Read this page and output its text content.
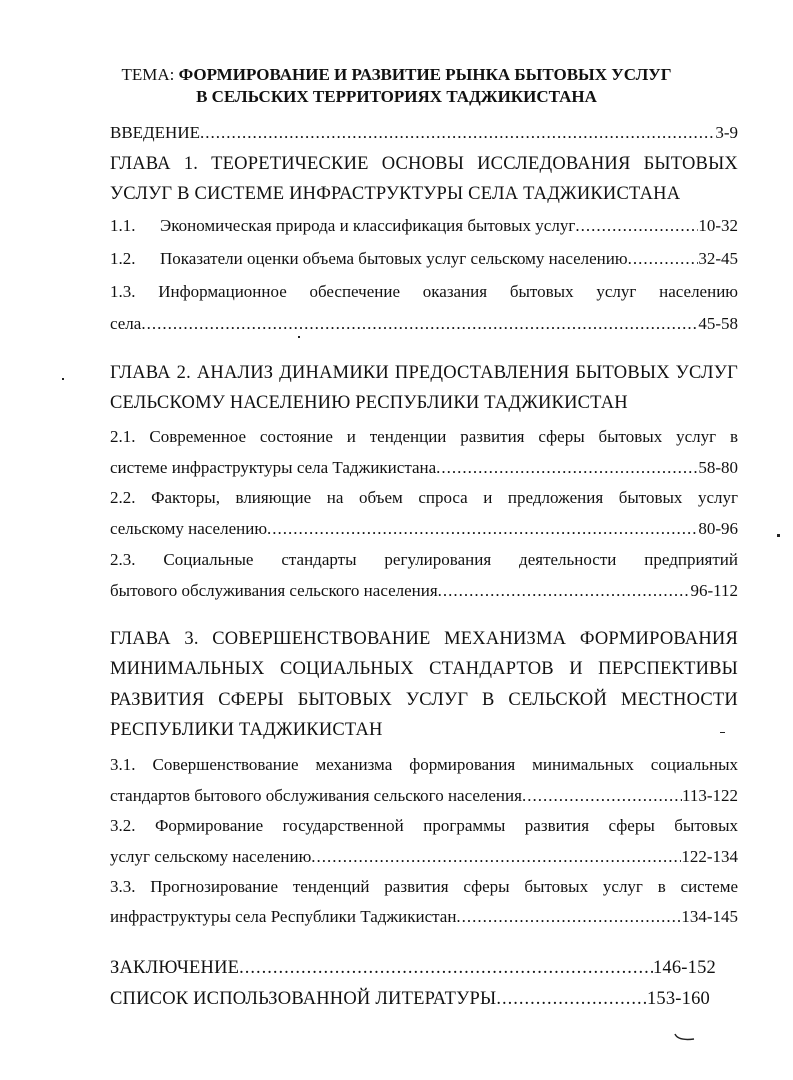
ТЕМА: ФОРМИРОВАНИЕ И РАЗВИТИЕ РЫНКА БЫТОВЫХ УСЛУГ
В СЕЛЬСКИХ ТЕРРИТОРИЯХ ТАДЖИКИСТАНА
ВВЕДЕНИЕ .....	3-9
ГЛАВА 1. ТЕОРЕТИЧЕСКИЕ ОСНОВЫ ИССЛЕДОВАНИЯ БЫТОВЫХ
УСЛУГ В СИСТЕМЕ ИНФРАСТРУКТУРЫ СЕЛА ТАДЖИКИСТАНА
1.1. Экономическая природа и классификация бытовых услуг .....	10-32
1.2. Показатели оценки объема бытовых услуг сельскому населению .....	32-45
1.3. Информационное обеспечение оказания бытовых услуг населению
села .....	45-58
ГЛАВА 2. АНАЛИЗ ДИНАМИКИ ПРЕДОСТАВЛЕНИЯ БЫТОВЫХ УСЛУГ
СЕЛЬСКОМУ НАСЕЛЕНИЮ РЕСПУБЛИКИ ТАДЖИКИСТАН
2.1. Современное состояние и тенденции развития сферы бытовых услуг в
системе инфраструктуры села Таджикистана .....	58-80
2.2. Факторы, влияющие на объем спроса и предложения бытовых услуг
сельскому населению .....	80-96
2.3. Социальные стандарты регулирования деятельности предприятий
бытового обслуживания сельского населения .....	96-112
ГЛАВА 3. СОВЕРШЕНСТВОВАНИЕ МЕХАНИЗМА ФОРМИРОВАНИЯ
МИНИМАЛЬНЫХ СОЦИАЛЬНЫХ СТАНДАРТОВ И ПЕРСПЕКТИВЫ
РАЗВИТИЯ СФЕРЫ БЫТОВЫХ УСЛУГ В СЕЛЬСКОЙ МЕСТНОСТИ
РЕСПУБЛИКИ ТАДЖИКИСТАН
3.1. Совершенствование механизма формирования минимальных социальных
стандартов бытового обслуживания сельского населения .....	113-122
3.2. Формирование государственной программы развития сферы бытовых
услуг сельскому населению .....	122-134
3.3. Прогнозирование тенденций развития сферы бытовых услуг в системе
инфраструктуры села Республики Таджикистан .....	134-145
ЗАКЛЮЧЕНИЕ .....	146-152
СПИСОК ИСПОЛЬЗОВАННОЙ ЛИТЕРАТУРЫ .....	153-160
